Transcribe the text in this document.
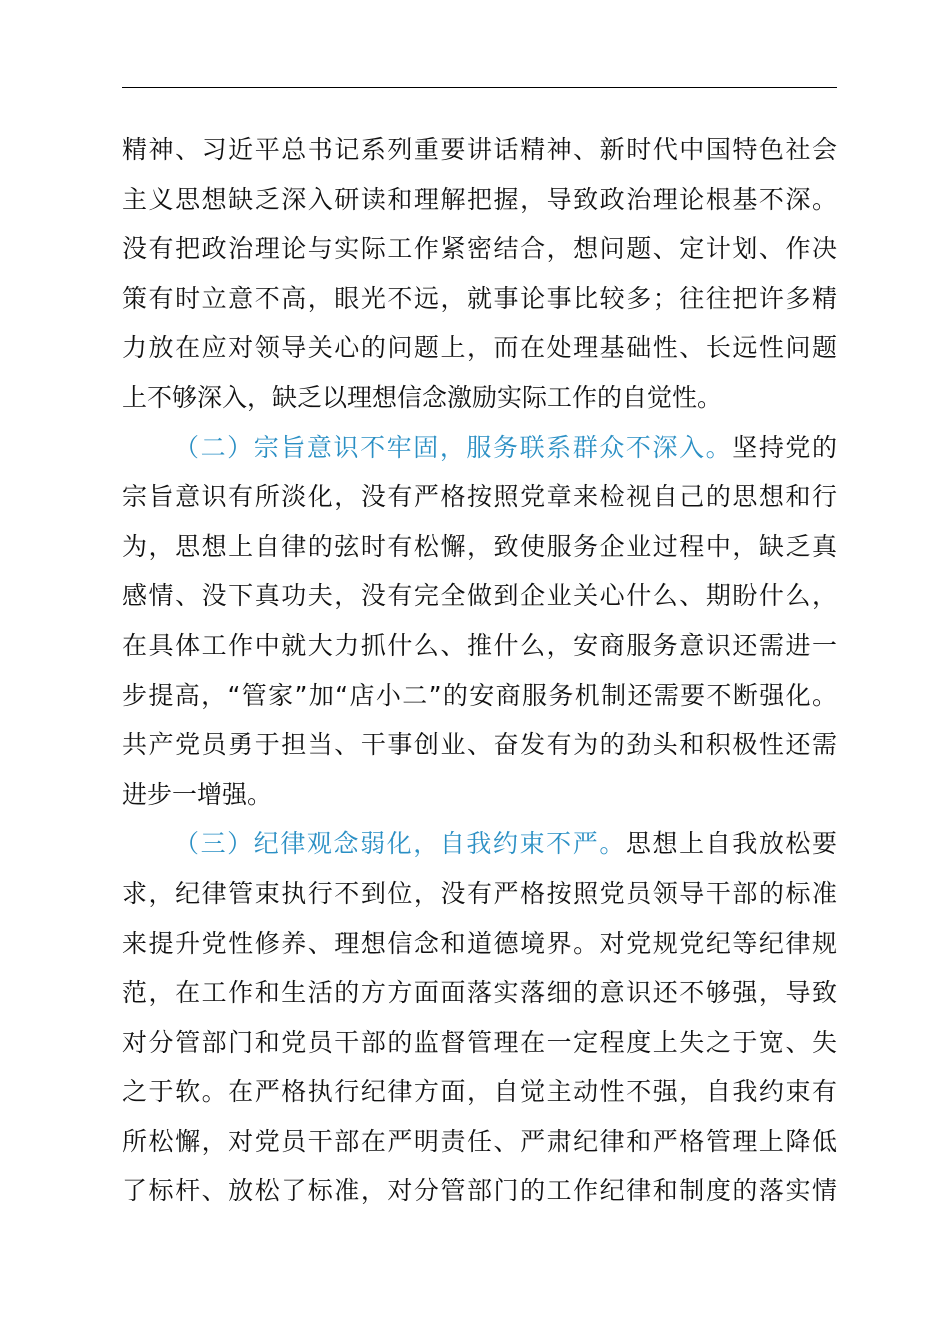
精神、习近平总书记系列重要讲话精神、新时代中国特色社会
主义思想缺乏深入研读和理解把握，导致政治理论根基不深。
没有把政治理论与实际工作紧密结合，想问题、定计划、作决
策有时立意不高，眼光不远，就事论事比较多；往往把许多精
力放在应对领导关心的问题上，而在处理基础性、长远性问题
上不够深入，缺乏以理想信念激励实际工作的自觉性。
（二）宗旨意识不牢固，服务联系群众不深入。坚持党的
宗旨意识有所淡化，没有严格按照党章来检视自己的思想和行
为，思想上自律的弦时有松懈，致使服务企业过程中，缺乏真
感情、没下真功夫，没有完全做到企业关心什么、期盼什么，
在具体工作中就大力抓什么、推什么，安商服务意识还需进一
步提高，“管家”加“店小二”的安商服务机制还需要不断强化。
共产党员勇于担当、干事创业、奋发有为的劲头和积极性还需
进步一增强。
（三）纪律观念弱化，自我约束不严。思想上自我放松要
求，纪律管束执行不到位，没有严格按照党员领导干部的标准
来提升党性修养、理想信念和道德境界。对党规党纪等纪律规
范，在工作和生活的方方面面落实落细的意识还不够强，导致
对分管部门和党员干部的监督管理在一定程度上失之于宽、失
之于软。在严格执行纪律方面，自觉主动性不强，自我约束有
所松懈，对党员干部在严明责任、严肃纪律和严格管理上降低
了标杆、放松了标准，对分管部门的工作纪律和制度的落实情
